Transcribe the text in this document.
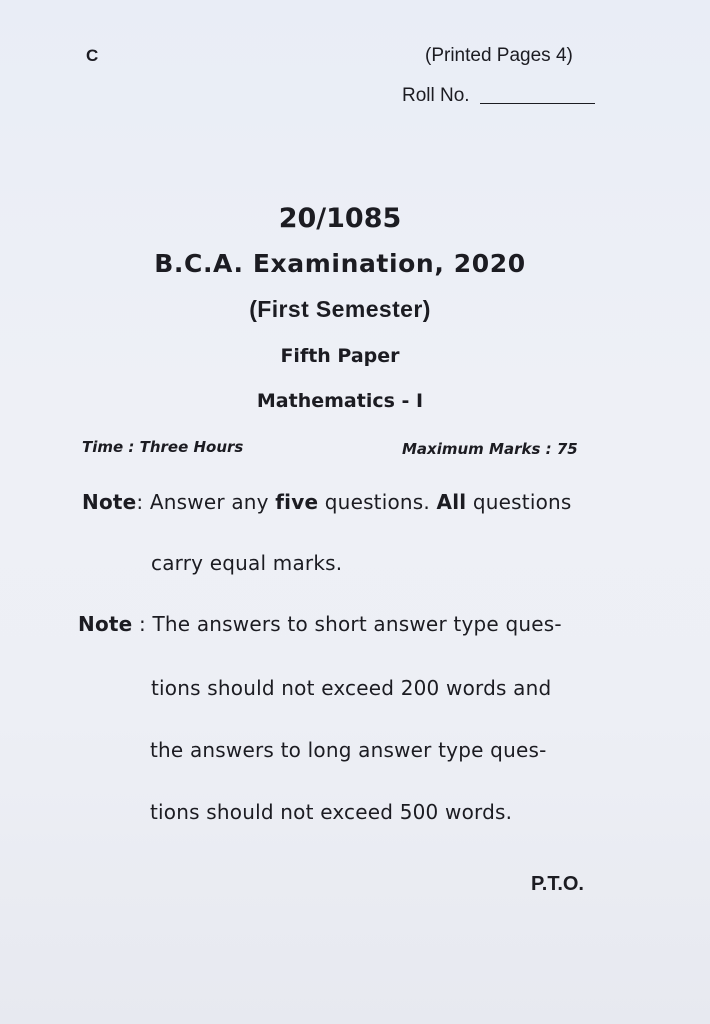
C	(Printed Pages 4)
Roll No.
20/1085
B.C.A. Examination, 2020
(First Semester)
Fifth Paper
Mathematics - I
Time : Three Hours	Maximum Marks : 75
Note: Answer any five questions. All questions
carry equal marks.
Note : The answers to short answer type ques-
tions should not exceed 200 words and
the answers to long answer type ques-
tions should not exceed 500 words.
P.T.O.
